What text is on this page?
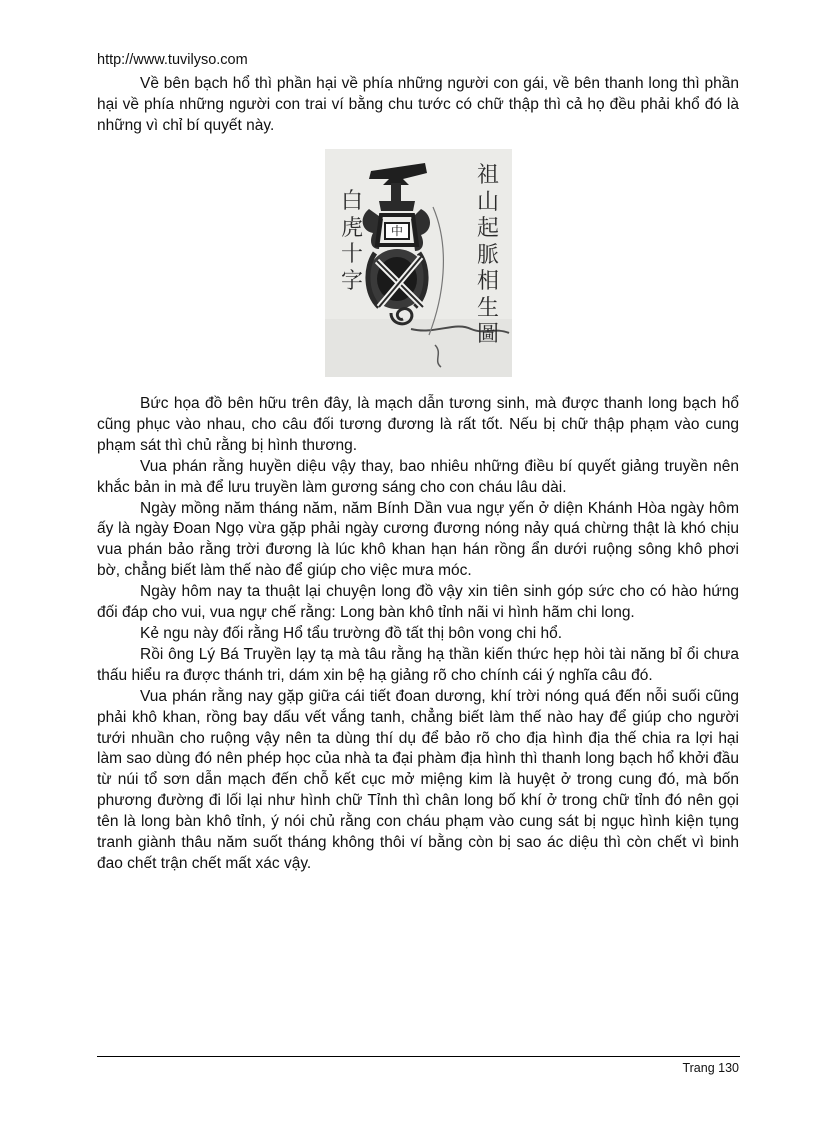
http://www.tuvilyso.com

Về bên bạch hổ thì phần hại về phía những người con gái, về bên thanh long thì phần hại về phía những người con trai ví bằng chu tước có chữ thập thì cả họ đều phải khổ đó là những vì chỉ bí quyết này.

祖
山
起
脈
相
生
圖
白
虎
十
字
中

Bức họa đồ bên hữu trên đây, là mạch dẫn tương sinh, mà được thanh long bạch hổ cũng phục vào nhau, cho câu đối tương đương là rất tốt. Nếu bị chữ thập phạm vào cung phạm sát thì chủ rằng bị hình thương.

Vua phán rằng huyền diệu vậy thay, bao nhiêu những điều bí quyết giảng truyền nên khắc bản in mà để lưu truyền làm gương sáng cho con cháu lâu dài.

Ngày mồng năm tháng năm, năm Bính Dần vua ngự yến ở diện Khánh Hòa ngày hôm ấy là ngày Đoan Ngọ vừa gặp phải ngày cương đương nóng nảy quá chừng thật là khó chịu vua phán bảo rằng trời đương là lúc khô khan hạn hán rồng ẩn dưới ruộng sông khô phơi bờ, chẳng biết làm thế nào để giúp cho việc mưa móc.

Ngày hôm nay ta thuật lại chuyện long đồ vậy xin tiên sinh góp sức cho có hào hứng đối đáp cho vui, vua ngự chế rằng: Long bàn khô tỉnh nãi vi hình hãm chi long.

Kẻ ngu này đối rằng Hổ tẩu trường đồ tất thị bôn vong chi hổ.

Rồi ông Lý Bá Truyền lạy tạ mà tâu rằng hạ thần kiến thức hẹp hòi tài năng bỉ ổi chưa thấu hiểu ra được thánh tri, dám xin bệ hạ giảng rõ cho chính cái ý nghĩa câu đó.

Vua phán rằng nay gặp giữa cái tiết đoan dương, khí trời nóng quá đến nỗi suối cũng phải khô khan, rồng bay dấu vết vắng tanh, chẳng biết làm thế nào hay để giúp cho người tưới nhuần cho ruộng vậy nên ta dùng thí dụ để bảo rõ cho địa hình địa thế chia ra lợi hại làm sao dùng đó nên phép học của nhà ta đại phàm địa hình thì thanh long bạch hổ khởi đầu từ núi tổ sơn dẫn mạch đến chỗ kết cục mở miệng kim là huyệt ở trong cung đó, mà bốn phương đường đi lối lại như hình chữ Tỉnh thì chân long bố khí ở trong chữ tỉnh đó nên gọi tên là long bàn khô tỉnh, ý nói chủ rằng con cháu phạm vào cung sát bị ngục hình kiện tụng tranh giành thâu năm suốt tháng không thôi ví bằng còn bị sao ác diệu thì còn chết vì binh đao chết trận chết mất xác vậy.

Trang 130
